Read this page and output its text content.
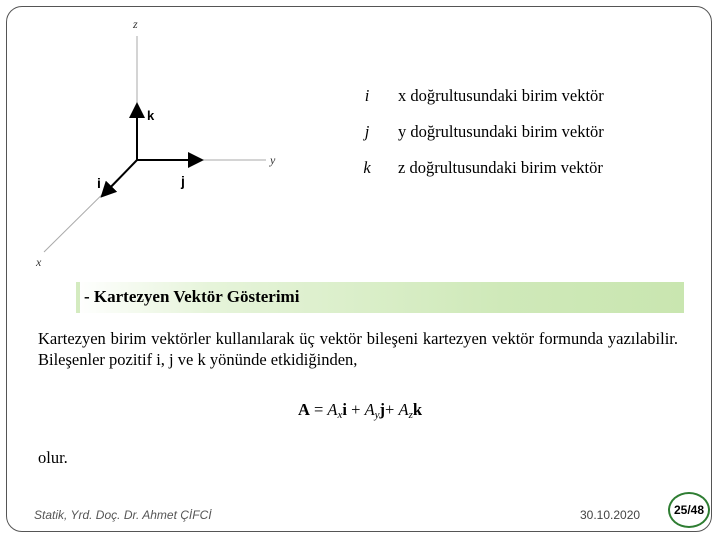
z
y
x
k
j
i
i	x doğrultusundaki birim vektör
j	y doğrultusundaki birim vektör
k	z doğrultusundaki birim vektör
- Kartezyen Vektör Gösterimi
Kartezyen birim vektörler kullanılarak üç vektör bileşeni kartezyen vektör formunda yazılabilir. Bileşenler pozitif i, j ve k yönünde etkidiğinden,
$A = A_xi + A_yj+ A_zk$
olur.
Statik, Yrd. Doç. Dr. Ahmet ÇİFCİ	30.10.2020	25/48
